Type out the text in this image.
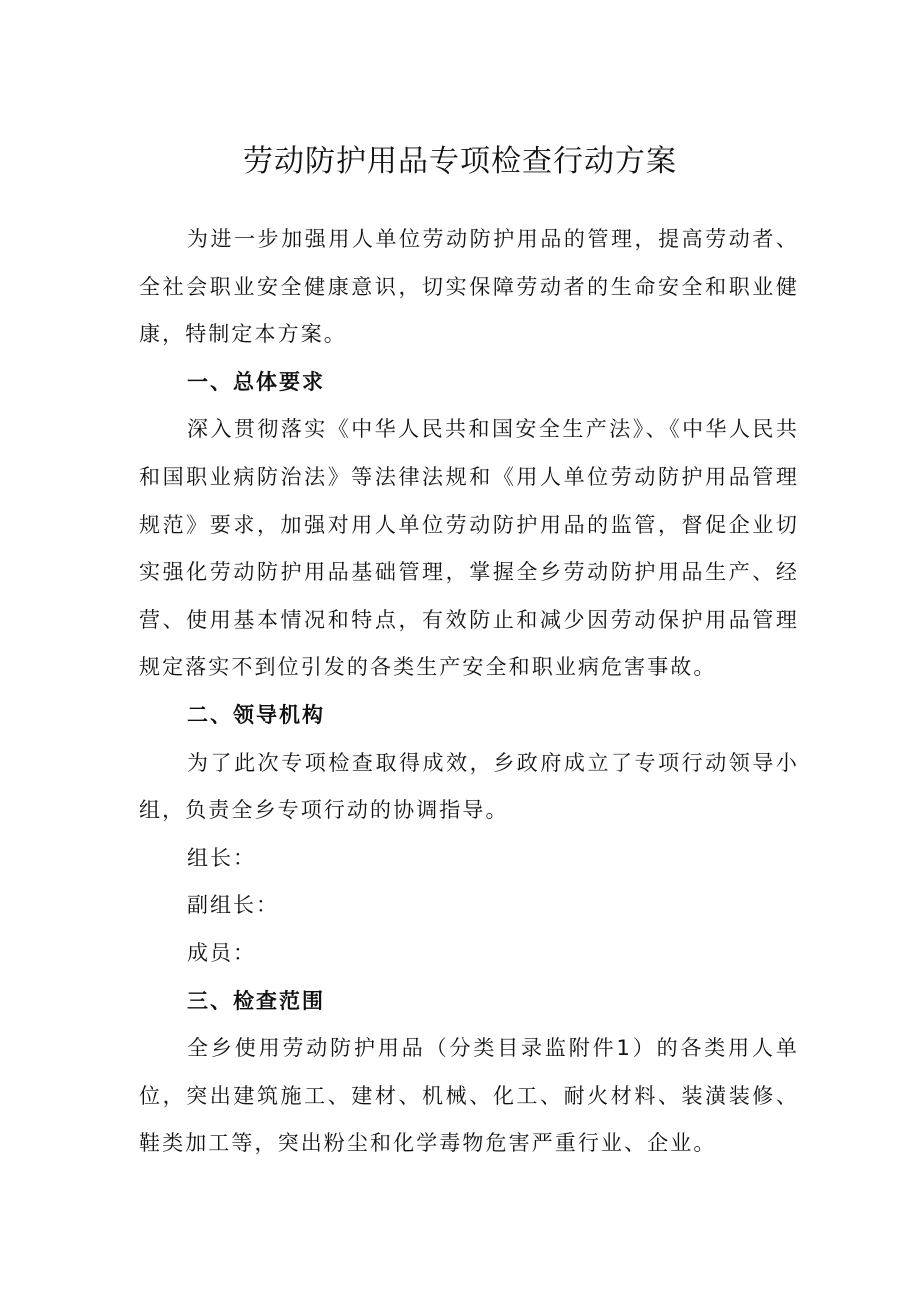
劳动防护用品专项检查行动方案

为进一步加强用人单位劳动防护用品的管理，提高劳动者、全社会职业安全健康意识，切实保障劳动者的生命安全和职业健康，特制定本方案。

一、总体要求

深入贯彻落实《中华人民共和国安全生产法》、《中华人民共和国职业病防治法》等法律法规和《用人单位劳动防护用品管理规范》要求，加强对用人单位劳动防护用品的监管，督促企业切实强化劳动防护用品基础管理，掌握全乡劳动防护用品生产、经营、使用基本情况和特点，有效防止和减少因劳动保护用品管理规定落实不到位引发的各类生产安全和职业病危害事故。

二、领导机构

为了此次专项检查取得成效，乡政府成立了专项行动领导小组，负责全乡专项行动的协调指导。

组长：

副组长：

成员：

三、检查范围

全乡使用劳动防护用品（分类目录监附件1）的各类用人单位，突出建筑施工、建材、机械、化工、耐火材料、装潢装修、鞋类加工等，突出粉尘和化学毒物危害严重行业、企业。
